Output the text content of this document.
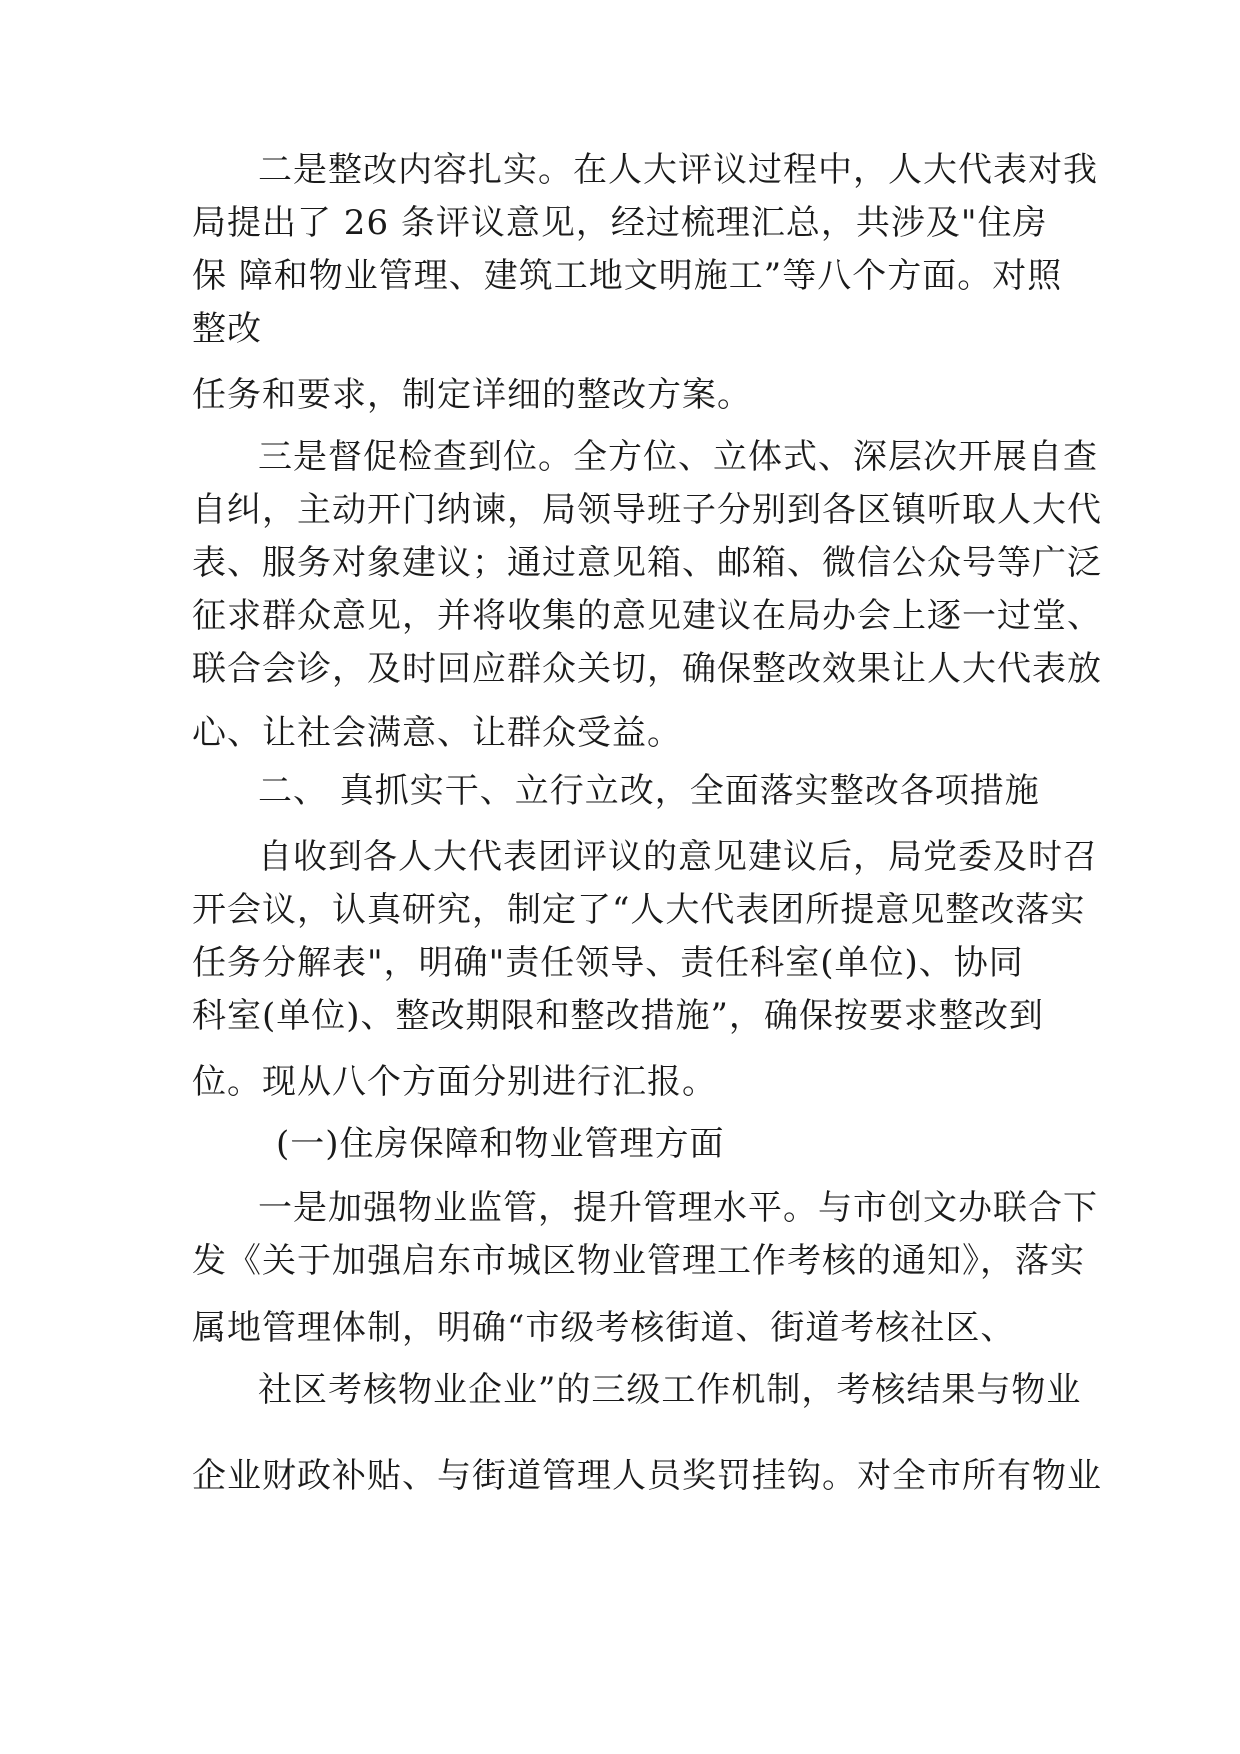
二是整改内容扎实。在人大评议过程中，人大代表对我
局提出了 26 条评议意见，经过梳理汇总，共涉及"住房
保 障和物业管理、建筑工地文明施工”等八个方面。对照
整改
任务和要求，制定详细的整改方案。
三是督促检查到位。全方位、立体式、深层次开展自查
自纠，主动开门纳谏，局领导班子分别到各区镇听取人大代
表、服务对象建议；通过意见箱、邮箱、微信公众号等广泛
征求群众意见，并将收集的意见建议在局办会上逐一过堂、
联合会诊，及时回应群众关切，确保整改效果让人大代表放
心、让社会满意、让群众受益。
二、 真抓实干、立行立改，全面落实整改各项措施
自收到各人大代表团评议的意见建议后，局党委及时召
开会议，认真研究，制定了“人大代表团所提意见整改落实
任务分解表"，明确"责任领导、责任科室(单位)、协同
科室(单位)、整改期限和整改措施”，确保按要求整改到
位。现从八个方面分别进行汇报。
(一)住房保障和物业管理方面
一是加强物业监管，提升管理水平。与市创文办联合下
发《关于加强启东市城区物业管理工作考核的通知》，落实
属地管理体制，明确“市级考核街道、街道考核社区、
社区考核物业企业”的三级工作机制，考核结果与物业
企业财政补贴、与街道管理人员奖罚挂钩。对全市所有物业
